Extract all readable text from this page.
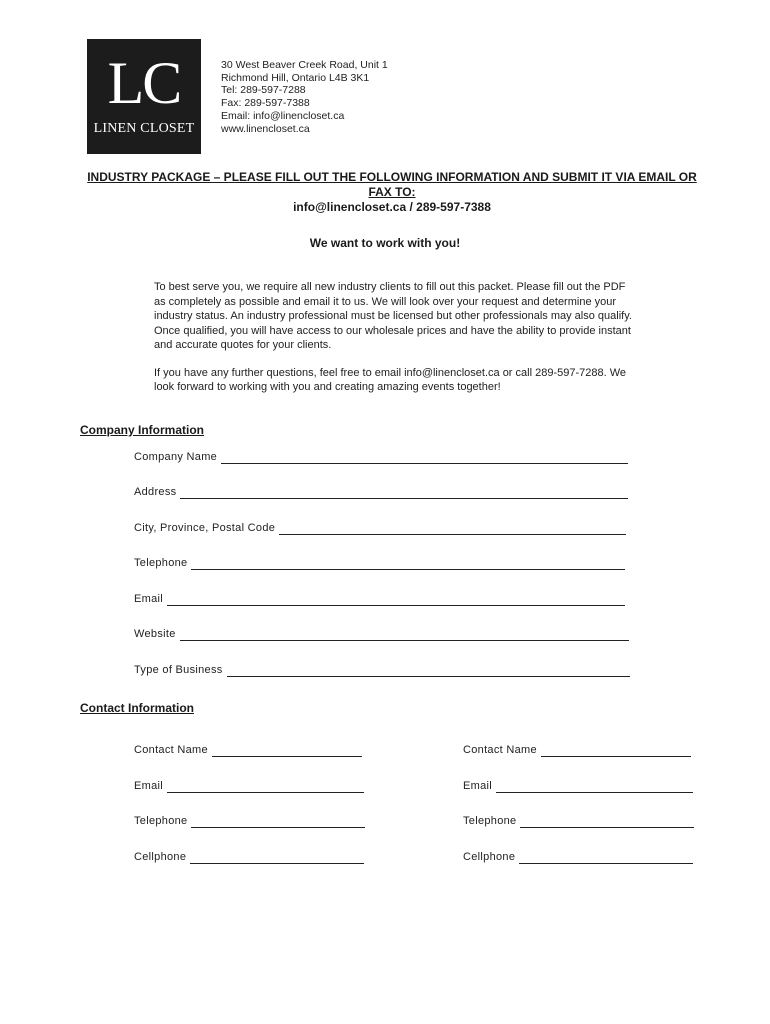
LC
LINEN CLOSET
30 West Beaver Creek Road, Unit 1
Richmond Hill, Ontario L4B 3K1
Tel: 289-597-7288
Fax: 289-597-7388
Email: info@linencloset.ca
www.linencloset.ca
INDUSTRY PACKAGE – PLEASE FILL OUT THE FOLLOWING INFORMATION AND SUBMIT IT VIA EMAIL OR
FAX TO:
info@linencloset.ca / 289-597-7388
We want to work with you!

To best serve you, we require all new industry clients to fill out this packet. Please fill out the PDF as completely as possible and email it to us. We will look over your request and determine your industry status. An industry professional must be licensed but other professionals may also qualify. Once qualified, you will have access to our wholesale prices and have the ability to provide instant and accurate quotes for your clients.

If you have any further questions, feel free to email info@linencloset.ca or call 289-597-7288. We look forward to working with you and creating amazing events together!

Company Information
Company Name
Address
City, Province, Postal Code
Telephone
Email
Website
Type of Business
Contact Information
Contact Name
Email
Telephone
Cellphone
Contact Name
Email
Telephone
Cellphone
